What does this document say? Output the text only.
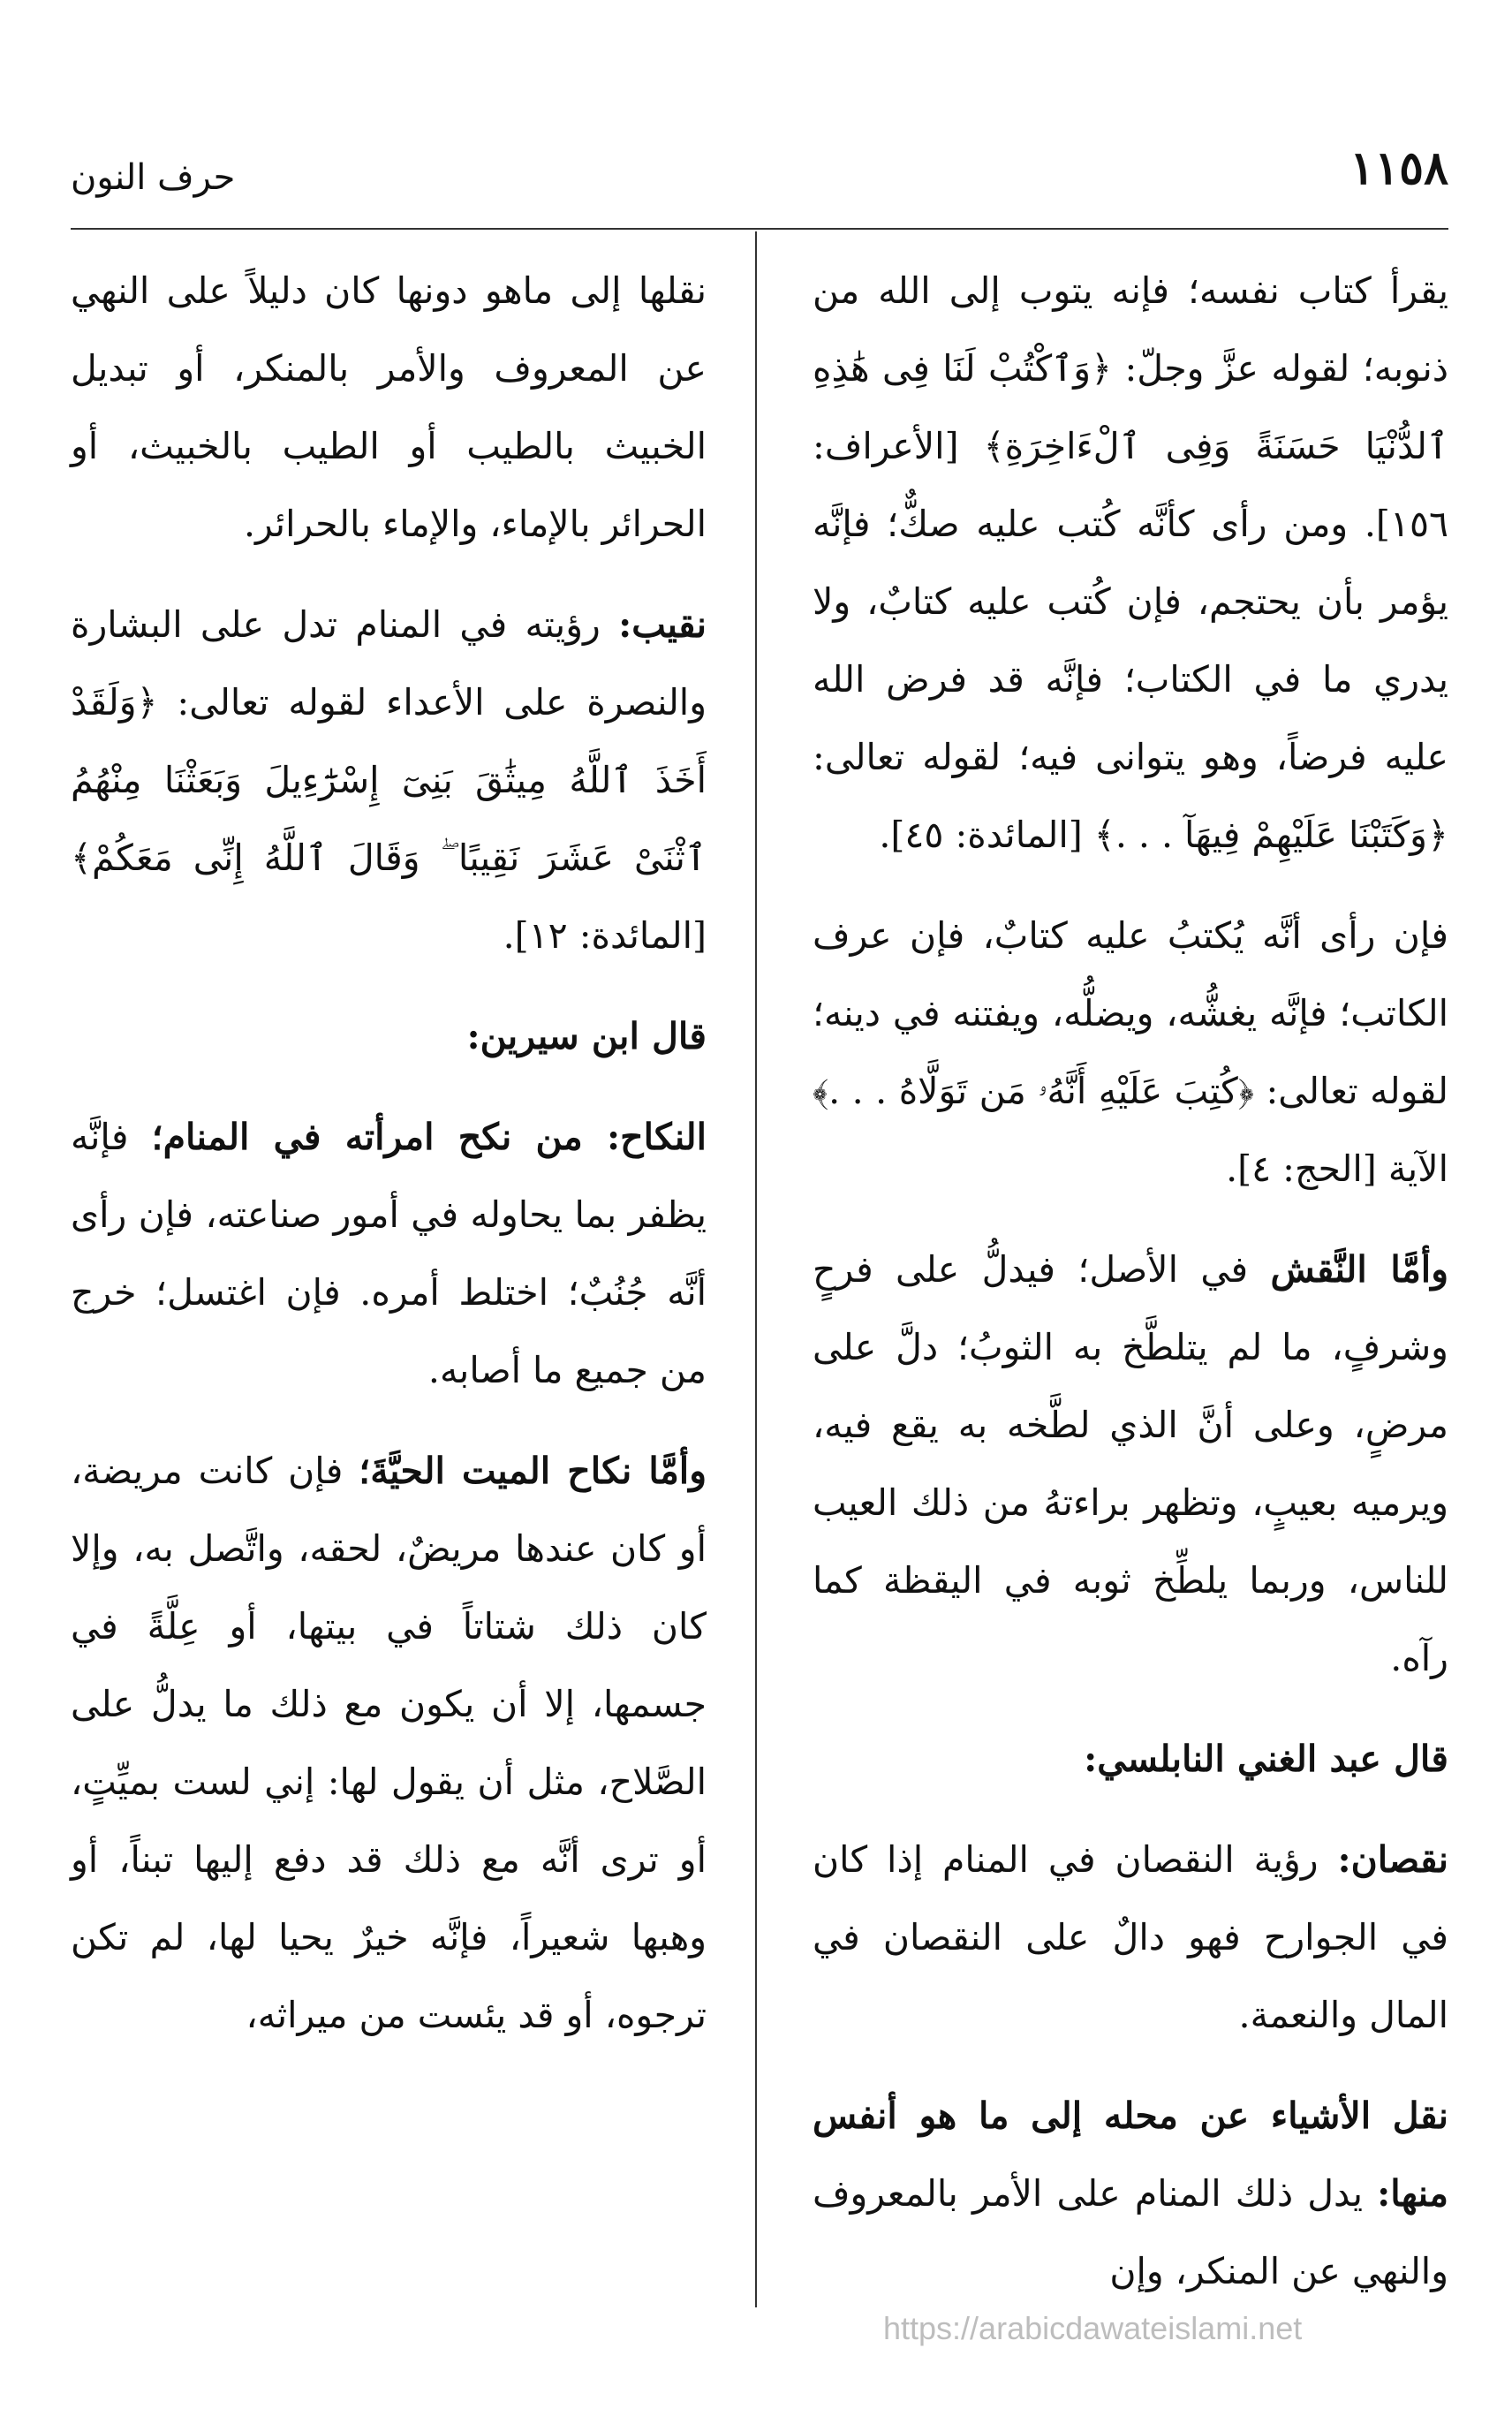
١١٥٨
حرف النون

يقرأ كتاب نفسه؛ فإنه يتوب إلى الله من ذنوبه؛ لقوله عزَّ وجلّ: ﴿وَٱكْتُبْ لَنَا فِى هَٰذِهِ ٱلدُّنْيَا حَسَنَةً وَفِى ٱلْءَاخِرَةِ﴾ [الأعراف: ١٥٦]. ومن رأى كأنَّه كُتب عليه صكٌّ؛ فإنَّه يؤمر بأن يحتجم، فإن كُتب عليه كتابٌ، ولا يدري ما في الكتاب؛ فإنَّه قد فرض الله عليه فرضاً، وهو يتوانى فيه؛ لقوله تعالى: ﴿وَكَتَبْنَا عَلَيْهِمْ فِيهَآ . . .﴾ [المائدة: ٤٥].

فإن رأى أنَّه يُكتبُ عليه كتابٌ، فإن عرف الكاتب؛ فإنَّه يغشُّه، ويضلُّه، ويفتنه في دينه؛ لقوله تعالى: ﴿كُتِبَ عَلَيْهِ أَنَّهُۥ مَن تَوَلَّاهُ . . .﴾ الآية [الحج: ٤].

وأمَّا النَّقش في الأصل؛ فيدلُّ على فرحٍ وشرفٍ، ما لم يتلطَّخ به الثوبُ؛ دلَّ على مرضٍ، وعلى أنَّ الذي لطَّخه به يقع فيه، ويرميه بعيبٍ، وتظهر براءتهُ من ذلك العيب للناس، وربما يلطِّخ ثوبه في اليقظة كما رآه.

قال عبد الغني النابلسي:

نقصان: رؤية النقصان في المنام إذا كان في الجوارح فهو دالٌ على النقصان في المال والنعمة.

نقل الأشياء عن محله إلى ما هو أنفس منها: يدل ذلك المنام على الأمر بالمعروف والنهي عن المنكر، وإن

نقلها إلى ماهو دونها كان دليلاً على النهي عن المعروف والأمر بالمنكر، أو تبديل الخبيث بالطيب أو الطيب بالخبيث، أو الحرائر بالإماء، والإماء بالحرائر.

نقيب: رؤيته في المنام تدل على البشارة والنصرة على الأعداء لقوله تعالى: ﴿وَلَقَدْ أَخَذَ ٱللَّهُ مِيثَٰقَ بَنِىٓ إِسْرَٰٓءِيلَ وَبَعَثْنَا مِنْهُمُ ٱثْنَىْ عَشَرَ نَقِيبًا ۖ وَقَالَ ٱللَّهُ إِنِّى مَعَكُمْ﴾ [المائدة: ١٢].

قال ابن سيرين:

النكاح: من نكح امرأته في المنام؛ فإنَّه يظفر بما يحاوله في أمور صناعته، فإن رأى أنَّه جُنُبٌ؛ اختلط أمره. فإن اغتسل؛ خرج من جميع ما أصابه.

وأمَّا نكاح الميت الحيَّةَ؛ فإن كانت مريضة، أو كان عندها مريضٌ، لحقه، واتَّصل به، وإلا كان ذلك شتاتاً في بيتها، أو عِلَّةً في جسمها، إلا أن يكون مع ذلك ما يدلُّ على الصَّلاح، مثل أن يقول لها: إني لست بميِّتٍ، أو ترى أنَّه مع ذلك قد دفع إليها تبناً، أو وهبها شعيراً، فإنَّه خيرٌ يحيا لها، لم تكن ترجوه، أو قد يئست من ميراثه،

https://arabicdawateislami.net
